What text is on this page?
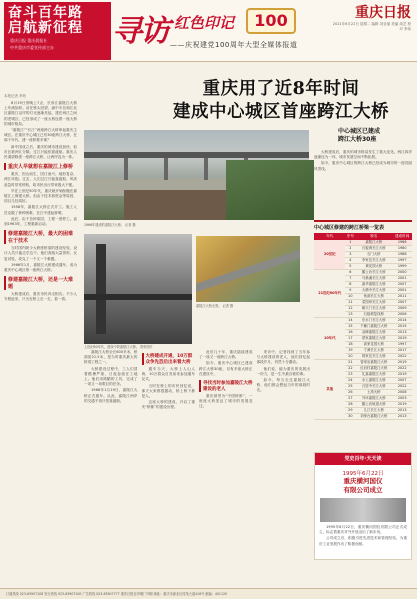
奋斗百年路
启航新征程
重庆日报 重庆晨报社
中共重庆市委宣传部主办	寻访 红色印记	100
——庆祝建党100周年大型全媒体报道
重庆日报
2021年6月22日 星期二 编辑 刘亚丽 美编 周艺 校对 李伟
重庆用了近8年时间
建成中心城区首座跨江大桥
中心城区已建成
跨江大桥30座
本报记者 李珩

6月19日傍晚上7点，长寿江嘉陵江大桥上车流如织。站在桥头回望，渝中半岛和江北区嘉陵江沿岸的灯光逐渐亮起，建在两江之间的老城区，已经形成了一座大桥连着一座大桥的城市格局。

“嘉陵江”“长江”两座跨江大桥串起重庆主城区。在重庆中心城区已有30座跨江大桥，在那个年代，建一座桥要多难？

新中国成立后，重庆的城市建设加快，但市区被两江分隔，过江只能依靠渡船。重庆人民渴望修建一座跨江大桥，让两岸连为一体。

重庆人早就想在嘉陵江上修桥

重庆，因山而生，因江而兴。地形复杂，两江环抱。过去，人们过江只能靠渡船，风高浪急时常常停航，给市民出行带来极大不便。

早在上世纪50年代，重庆就开始酝酿在嘉陵江上修建大桥。但由于技术和资金等原因，项目几经周折。

1958年，嘉陵江大桥正式开工。施工人员克服了种种困难，在江中建起桥墩。

此后，由于各种原因，工程一度停工。直到1963年，工程重新启动。

修建嘉陵江大桥，最大的困难在于技术

当时国内缺少大跨度桥梁的建设经验，设计人员只能边学边干。他们查阅大量资料，反复试验，攻克了一个又一个难题。

1966年1月，嘉陵江大桥建成通车，成为重庆中心城区第一座跨江大桥。

修建嘉陵江大桥，还是一大难题

大桥建成后，重庆市民奔走相告。不少人专程赶来，只为在桥上走一走，看一看。

1966年建成的嘉陵江大桥。 记者 摄

大桥建成后，重庆的城市格局发生了重大变化。两江四岸逐渐连为一体，城市发展空间不断拓展。

如今，重庆中心城区的跨江大桥已经成为城市的一道亮丽风景线。

上世纪60年代，建设中的嘉陵江大桥。 资料图片
嘉陵江大桥全景。 记者 摄

嘉陵江大桥全长600多米，桥面宽21.5米，是当时重庆最大的桥梁工程之一。

大桥建设过程中，工人们冒着酷暑严寒，日夜奋战在工地上。他们用简陋的工具，完成了一项又一项艰巨的任务。

1966年1月19日，嘉陵江大桥正式通车。从此，嘉陵江两岸的交通不再只依靠渡船。

大桥建成开通，10万群众争先恐后出来看大桥

通车当天，大桥上人山人海，10万群众自发前来参加通车仪式。

当时在桥上的市民回忆说，那天大家都很激动，桥上桥下都是人。

这座大桥的建成，开启了重庆“桥都”的建设历程。

此后几十年，重庆陆续建成了一座又一座跨江大桥。

如今，重庆中心城区已建成跨江大桥30座，另有多座大桥正在建设中。

寻找当时参加嘉陵江大桥建设的老人

重庆被誉为“中国桥都”，一座座大桥见证了城市的发展变迁。

采访中，记者找到了当年参与大桥建设的老人，他们回忆起那段岁月，仍然十分激动。

他们说，能为重庆的发展出一份力，是一生中最自豪的事。

如今，每当走过嘉陵江大桥，他们都会想起当年的那段时光。

中心城区修建的跨江桥梁一览表
年代	序号	桥名	建成时间
20世纪	1	嘉陵江大桥	1966
	2	石板坡长江大桥	1980
	3	石门大桥	1988
	4	李家沱长江大桥	1997
	5	黄花园大桥	1999
21世纪00年代	6	鹅公岩长江大桥	2000
	7	马桑溪长江大桥	2001
	8	嘉华嘉陵江大桥	2007
	9	大佛寺长江大桥	2001
	10	鱼洞长江大桥	2011
	11	菜园坝长江大桥	2007
	12	朝天门长江大桥	2009
	13	石板坡复线桥	2006
10年代	14	东水门长江大桥	2014
	15	千厮门嘉陵江大桥	2015
	16	双碑嘉陵江大桥	2013
	17	蔡家嘉陵江大桥	2019
	18	高家花园大桥	1997
	19	寸滩长江大桥	2017
	20	郭家沱长江大桥	2022
其他	21	曾家岩嘉陵江大桥	2019
	22	红岩村嘉陵江大桥	2022
	23	礼嘉嘉陵江大桥	2019
	24	水土嘉陵江大桥	2007
	25	白居寺长江大桥	2022
	26	土湾大桥	2008
	27	外环嘉陵江大桥	2003
	28	鹅公岩轨道大桥	2019
	29	几江长江大桥	2013
	30	刘家台嘉陵江大桥	2013
党史百年·天天读
1995年6月22日
重庆横河国仪
有限公司成立

1995年6月22日，重庆横河国仪有限公司正式成立，标志着重庆对外开放迈出了新步伐。

公司成立后，积极引进先进技术和管理经验，为重庆工业发展作出了积极贡献。

订阅热线 023-63907108 发行热线 023-63907100 广告热线 023-63907777 重庆日报社印刷厂印刷 地址：重庆市渝北区同茂大道416号 邮编：401120
